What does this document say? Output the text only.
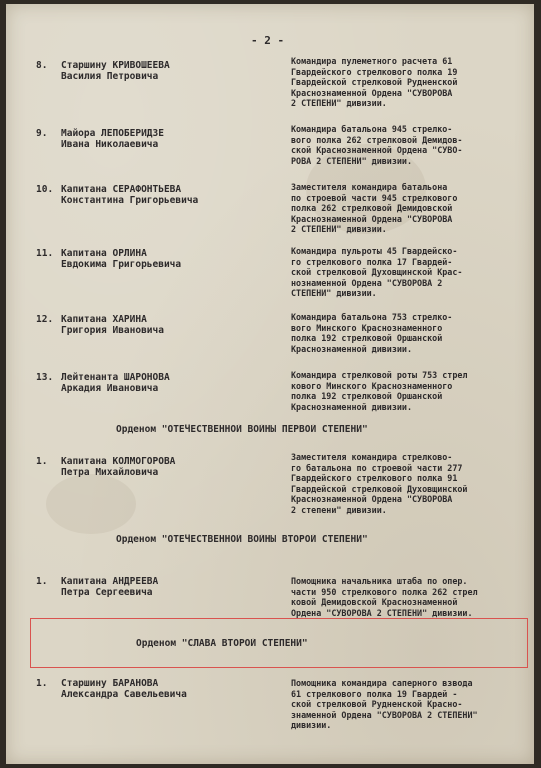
- 2 -
8. Старшину КРИВОШЕЕВА
Василия Петровича
Командира пулеметного расчета 61
Гвардейского стрелкового полка 19
Гвардейской стрелковой Рудненской
Краснознаменной Ордена "СУВОРОВА
2 СТЕПЕНИ" дивизии.
9. Майора ЛЕПОБЕРИДЗЕ
Ивана Николаевича
Командира батальона 945 стрелко-
вого полка 262 стрелковой Демидов-
ской Краснознаменной Ордена "СУВО-
РОВА 2 СТЕПЕНИ" дивизии.
10. Капитана СЕРАФОНТЬЕВА
Константина Григорьевича
Заместителя командира батальона
по строевой части 945 стрелкового
полка 262 стрелковой Демидовской
Краснознаменной Ордена "СУВОРОВА
2 СТЕПЕНИ" дивизии.
11. Капитана ОРЛИНА
Евдокима Григорьевича
Командира пульроты 45 Гвардейско-
го стрелкового полка 17 Гвардей-
ской стрелковой Духовщинской Крас-
нознаменной Ордена "СУВОРОВА 2
СТЕПЕНИ" дивизии.
12. Капитана ХАРИНА
Григория Ивановича
Командира батальона 753 стрелко-
вого Минского Краснознаменного
полка 192 стрелковой Оршанской
Краснознаменной дивизии.
13. Лейтенанта ШАРОНОВА
Аркадия Ивановича
Командира стрелковой роты 753 стрел
кового Минского Краснознаменного
полка 192 стрелковой Оршанской
Краснознаменной дивизии.
Орденом "ОТЕЧЕСТВЕННОЙ ВОЙНЫ ПЕРВОЙ СТЕПЕНИ"
1. Капитана КОЛМОГОРОВА
Петра Михайловича
Заместителя командира стрелково-
го батальона по строевой части 277
Гвардейского стрелкового полка 91
Гвардейской стрелковой Духовщинской
Краснознаменной Ордена "СУВОРОВА
2 степени" дивизии.
Орденом "ОТЕЧЕСТВЕННОЙ ВОЙНЫ ВТОРОЙ СТЕПЕНИ"
1. Капитана АНДРЕЕВА
Петра Сергеевича
Помощника начальника штаба по опер.
части 950 стрелкового полка 262 стрел
ковой Демидовской Краснознаменной
Ордена "СУВОРОВА 2 СТЕПЕНИ" дивизии.
Орденом "СЛАВА ВТОРОЙ СТЕПЕНИ"
1. Старшину БАРАНОВА
Александра Савельевича
Помощника командира саперного взвода
61 стрелкового полка 19 Гвардей -
ской стрелковой Рудненской Красно-
знаменной Ордена "СУВОРОВА 2 СТЕПЕНИ"
дивизии.
